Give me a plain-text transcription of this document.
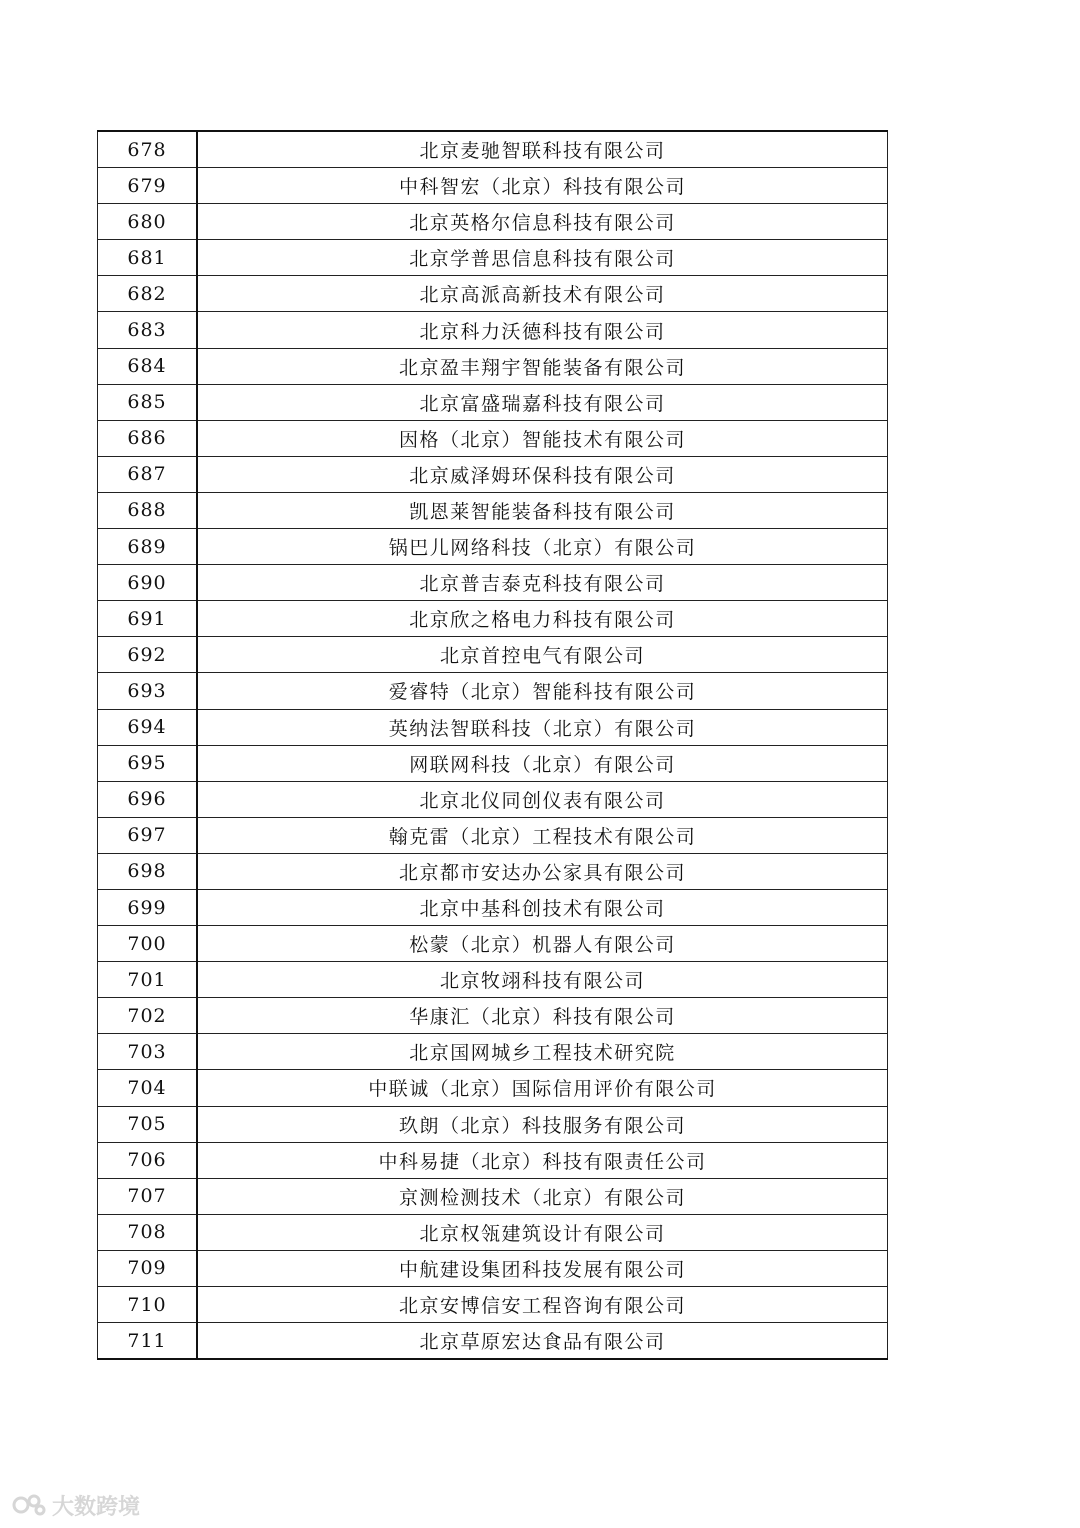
678	北京麦驰智联科技有限公司
679	中科智宏（北京）科技有限公司
680	北京英格尔信息科技有限公司
681	北京学普思信息科技有限公司
682	北京高派高新技术有限公司
683	北京科力沃德科技有限公司
684	北京盈丰翔宇智能装备有限公司
685	北京富盛瑞嘉科技有限公司
686	因格（北京）智能技术有限公司
687	北京威泽姆环保科技有限公司
688	凯恩莱智能装备科技有限公司
689	锅巴儿网络科技（北京）有限公司
690	北京普吉泰克科技有限公司
691	北京欣之格电力科技有限公司
692	北京首控电气有限公司
693	爱睿特（北京）智能科技有限公司
694	英纳法智联科技（北京）有限公司
695	网联网科技（北京）有限公司
696	北京北仪同创仪表有限公司
697	翰克雷（北京）工程技术有限公司
698	北京都市安达办公家具有限公司
699	北京中基科创技术有限公司
700	松蒙（北京）机器人有限公司
701	北京牧翊科技有限公司
702	华康汇（北京）科技有限公司
703	北京国网城乡工程技术研究院
704	中联诚（北京）国际信用评价有限公司
705	玖朗（北京）科技服务有限公司
706	中科易捷（北京）科技有限责任公司
707	京测检测技术（北京）有限公司
708	北京权瓴建筑设计有限公司
709	中航建设集团科技发展有限公司
710	北京安博信安工程咨询有限公司
711	北京草原宏达食品有限公司
大数跨境
